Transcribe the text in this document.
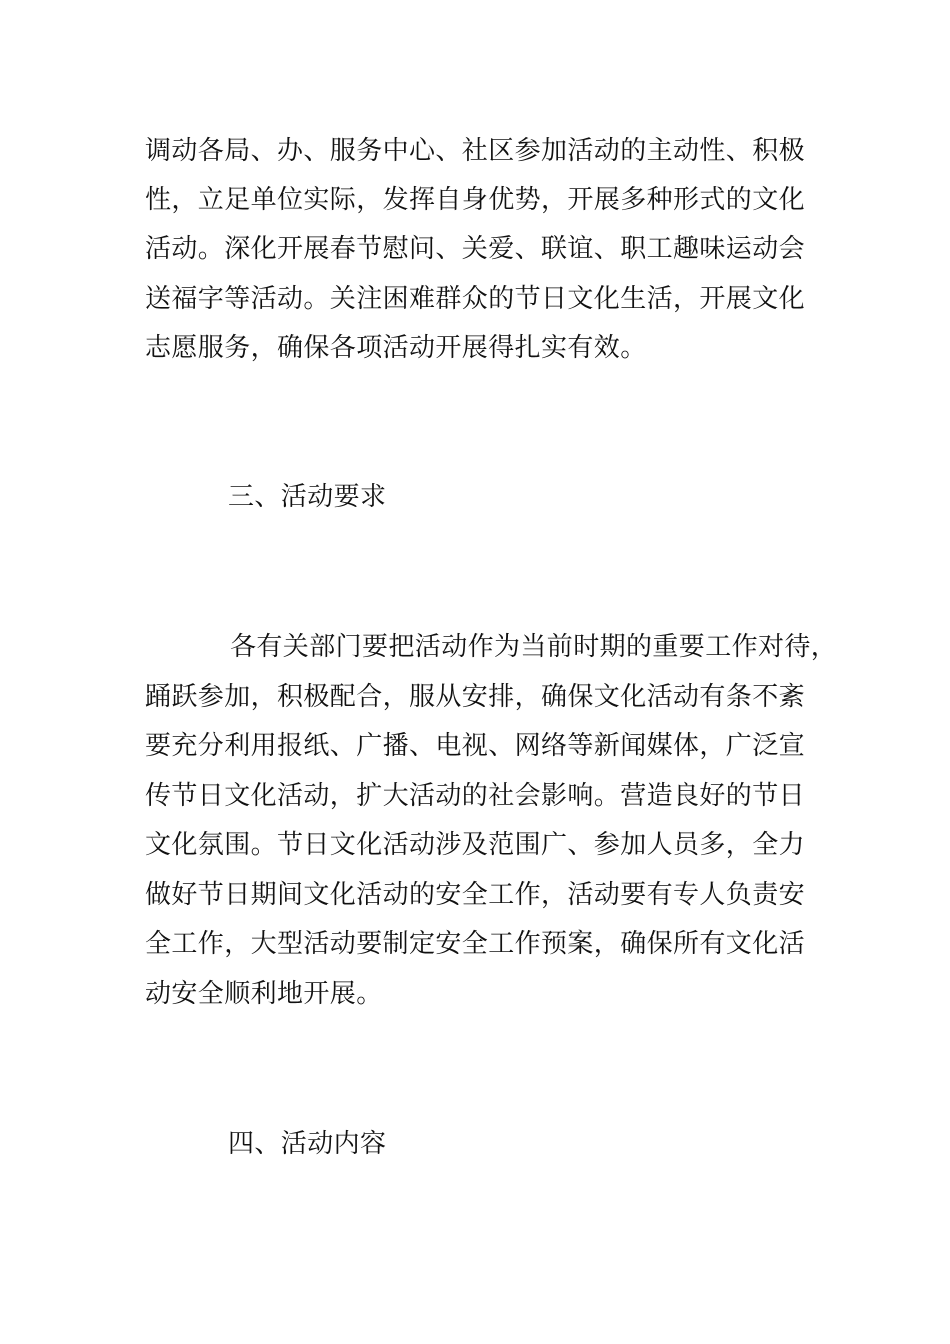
调动各局、办、服务中心、社区参加活动的主动性、积极
性，立足单位实际，发挥自身优势，开展多种形式的文化
活动。深化开展春节慰问、关爱、联谊、职工趣味运动会
送福字等活动。关注困难群众的节日文化生活，开展文化
志愿服务，确保各项活动开展得扎实有效。
三、活动要求
各有关部门要把活动作为当前时期的重要工作对待，
踊跃参加，积极配合，服从安排，确保文化活动有条不紊
要充分利用报纸、广播、电视、网络等新闻媒体，广泛宣
传节日文化活动，扩大活动的社会影响。营造良好的节日
文化氛围。节日文化活动涉及范围广、参加人员多，全力
做好节日期间文化活动的安全工作，活动要有专人负责安
全工作，大型活动要制定安全工作预案，确保所有文化活
动安全顺利地开展。
四、活动内容
